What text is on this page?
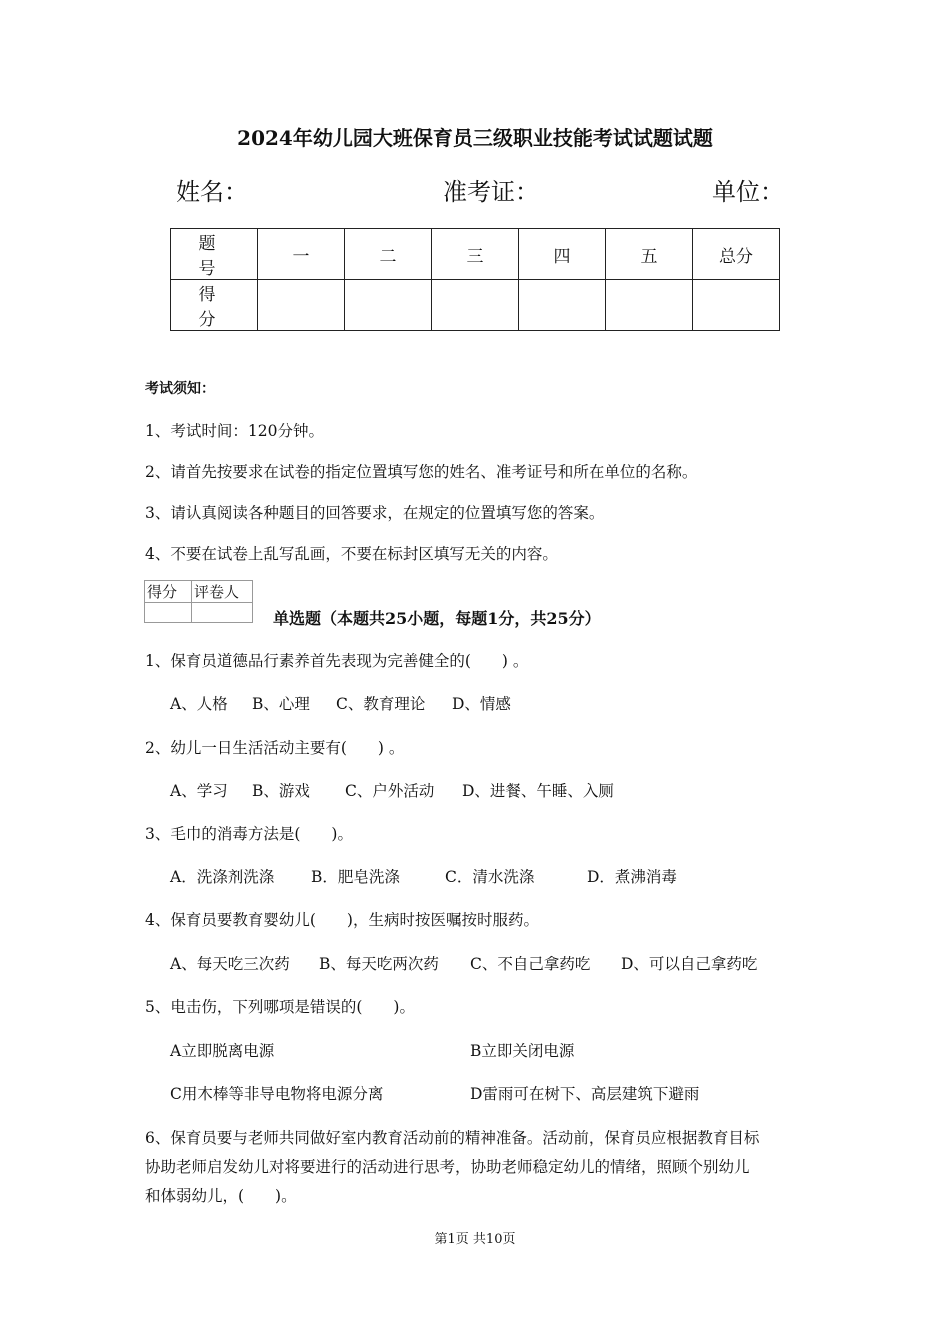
2024年幼儿园大班保育员三级职业技能考试试题试题
姓名：	准考证：	单位：
题　号	一	二	三	四	五	总分
得　分						
考试须知：
1、考试时间：120分钟。
2、请首先按要求在试卷的指定位置填写您的姓名、准考证号和所在单位的名称。
3、请认真阅读各种题目的回答要求，在规定的位置填写您的答案。
4、不要在试卷上乱写乱画，不要在标封区填写无关的内容。
得分	评卷人

单选题（本题共25小题，每题1分，共25分）
1、保育员道德品行素养首先表现为完善健全的(　　) 。
A、人格 B、心理 C、教育理论 D、情感
2、幼儿一日生活活动主要有(　　) 。
A、学习 B、游戏 C、户外活动 D、进餐、午睡、入厕
3、毛巾的消毒方法是(　　)。
A．洗涤剂洗涤 B．肥皂洗涤	C．清水洗涤	D．煮沸消毒
4、保育员要教育婴幼儿(　　)，生病时按医嘱按时服药。
A、每天吃三次药 B、每天吃两次药 C、不自己拿药吃 D、可以自己拿药吃
5、电击伤，下列哪项是错误的(　　)。
A立即脱离电源	B立即关闭电源
C用木棒等非导电物将电源分离	D雷雨可在树下、高层建筑下避雨
6、保育员要与老师共同做好室内教育活动前的精神准备。活动前，保育员应根据教育目标
协助老师启发幼儿对将要进行的活动进行思考，协助老师稳定幼儿的情绪，照顾个别幼儿
和体弱幼儿，(　　)。
第1页 共10页
